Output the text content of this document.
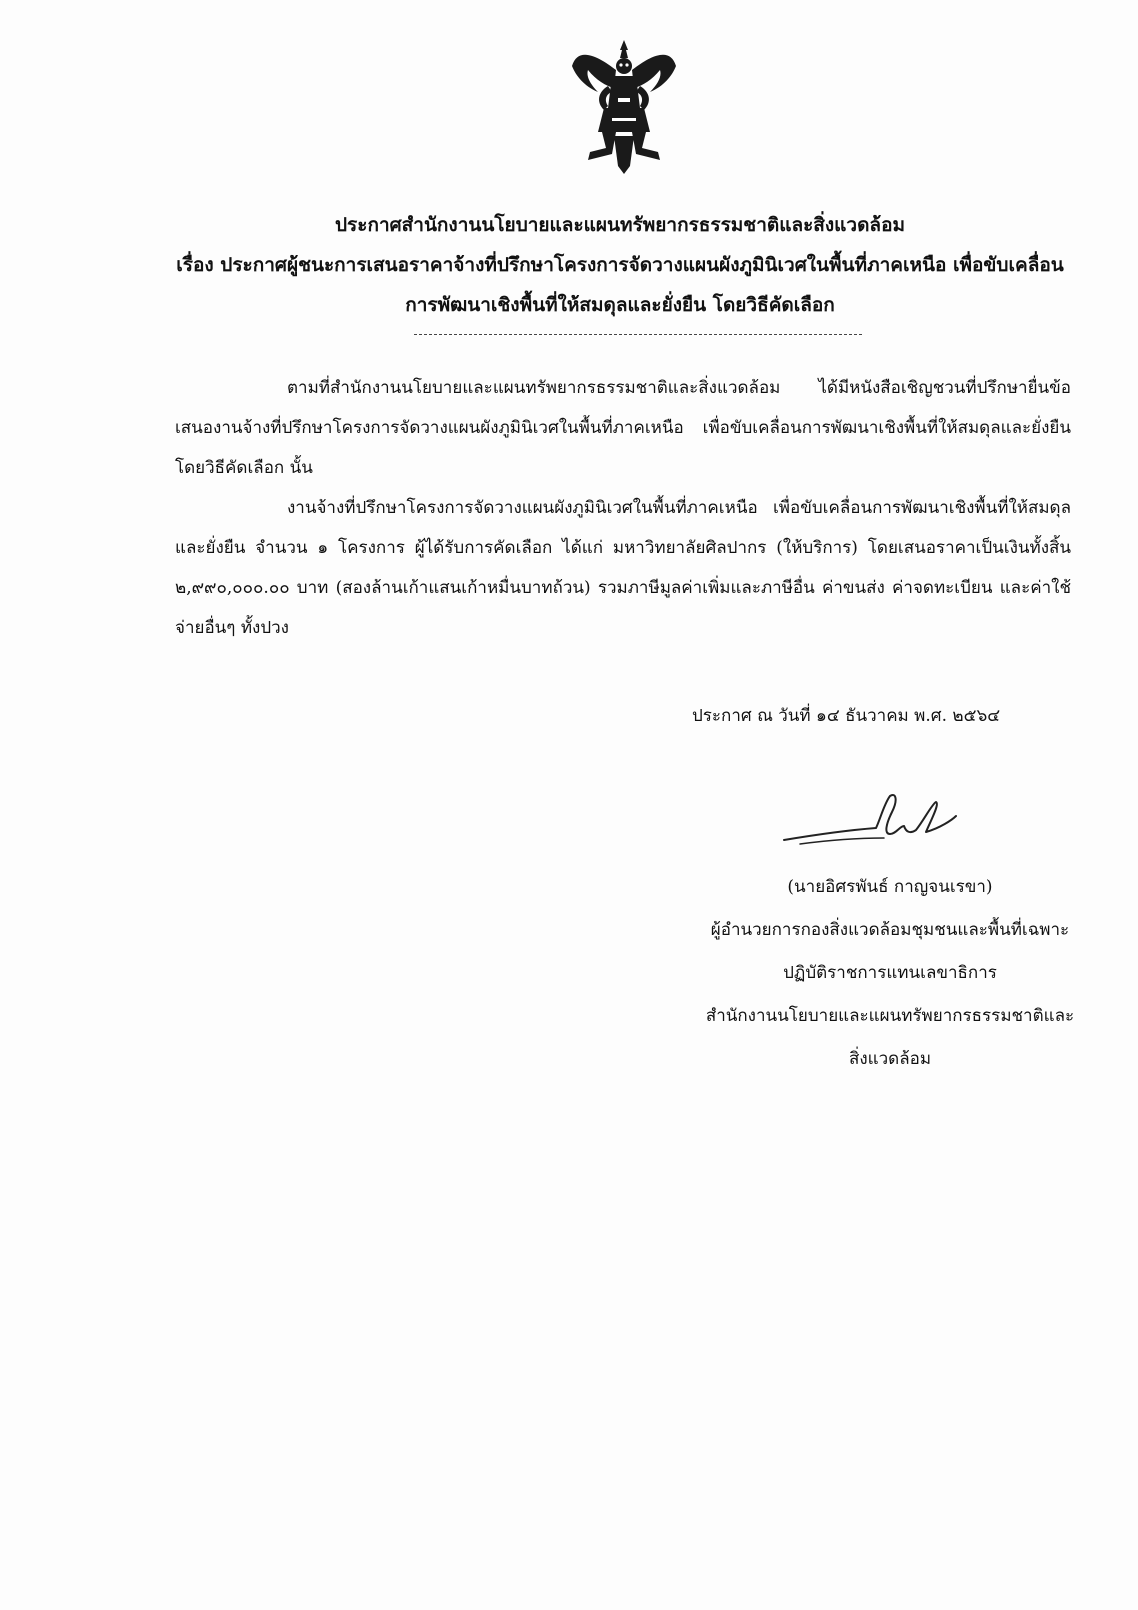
ประกาศสำนักงานนโยบายและแผนทรัพยากรธรรมชาติและสิ่งแวดล้อม
เรื่อง ประกาศผู้ชนะการเสนอราคาจ้างที่ปรึกษาโครงการจัดวางแผนผังภูมินิเวศในพื้นที่ภาคเหนือ เพื่อขับเคลื่อน
การพัฒนาเชิงพื้นที่ให้สมดุลและยั่งยืน โดยวิธีคัดเลือก

ตามที่สำนักงานนโยบายและแผนทรัพยากรธรรมชาติและสิ่งแวดล้อม ได้มีหนังสือเชิญชวนที่ปรึกษายื่นข้อเสนองานจ้างที่ปรึกษาโครงการจัดวางแผนผังภูมินิเวศในพื้นที่ภาคเหนือ เพื่อขับเคลื่อนการพัฒนาเชิงพื้นที่ให้สมดุลและยั่งยืน โดยวิธีคัดเลือก นั้น

งานจ้างที่ปรึกษาโครงการจัดวางแผนผังภูมินิเวศในพื้นที่ภาคเหนือ เพื่อขับเคลื่อนการพัฒนาเชิงพื้นที่ให้สมดุลและยั่งยืน จำนวน ๑ โครงการ ผู้ได้รับการคัดเลือก ได้แก่ มหาวิทยาลัยศิลปากร (ให้บริการ) โดยเสนอราคาเป็นเงินทั้งสิ้น ๒,๙๙๐,๐๐๐.๐๐ บาท (สองล้านเก้าแสนเก้าหมื่นบาทถ้วน) รวมภาษีมูลค่าเพิ่มและภาษีอื่น ค่าขนส่ง ค่าจดทะเบียน และค่าใช้จ่ายอื่นๆ ทั้งปวง

ประกาศ ณ วันที่ ๑๔ ธันวาคม พ.ศ. ๒๕๖๔
(นายอิศรพันธ์ กาญจนเรขา)
ผู้อำนวยการกองสิ่งแวดล้อมชุมชนและพื้นที่เฉพาะ
ปฏิบัติราชการแทนเลขาธิการ
สำนักงานนโยบายและแผนทรัพยากรธรรมชาติและ
สิ่งแวดล้อม
